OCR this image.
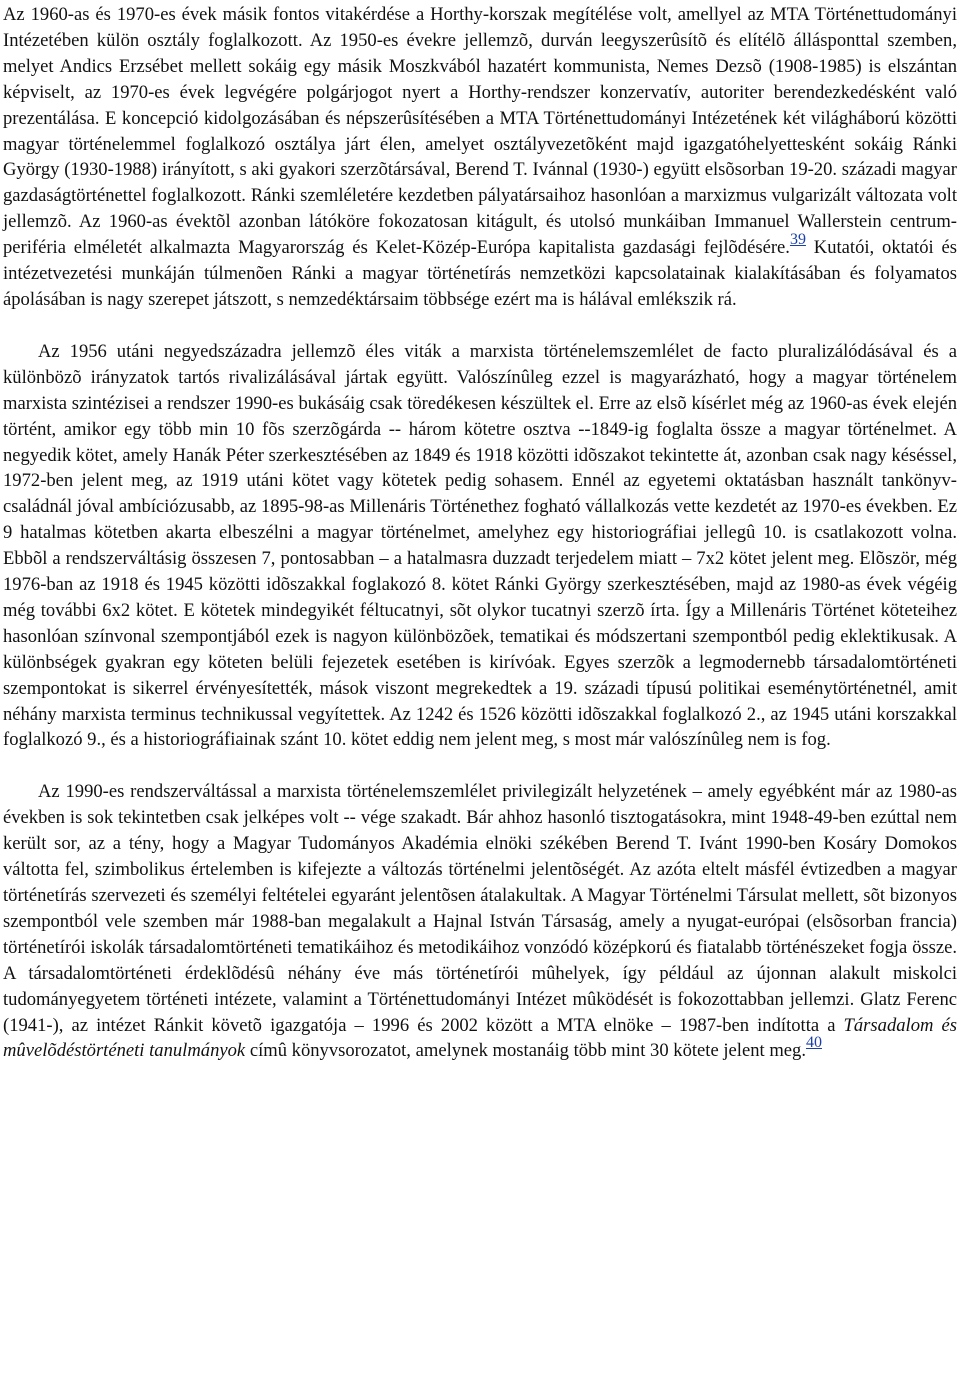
Az 1960-as és 1970-es évek másik fontos vitakérdése a Horthy-korszak megítélése volt, amellyel az MTA Történettudományi Intézetében külön osztály foglalkozott. Az 1950-es évekre jellemzõ, durván leegyszerûsítõ és elítélõ állásponttal szemben, melyet Andics Erzsébet mellett sokáig egy másik Moszkvából hazatért kommunista, Nemes Dezsõ (1908-1985) is elszántan képviselt, az 1970-es évek legvégére polgárjogot nyert a Horthy-rendszer konzervatív, autoriter berendezkedésként való prezentálása. E koncepció kidolgozásában és népszerûsítésében a MTA Történettudományi Intézetének két világháború közötti magyar történelemmel foglalkozó osztálya járt élen, amelyet osztályvezetõként majd igazgatóhelyettesként sokáig Ránki György (1930-1988) irányított, s aki gyakori szerzõtársával, Berend T. Ivánnal (1930-) együtt elsõsorban 19-20. századi magyar gazdaságtörténettel foglalkozott. Ránki szemléletére kezdetben pályatársaihoz hasonlóan a marxizmus vulgarizált változata volt jellemzõ. Az 1960-as évektõl azonban látóköre fokozatosan kitágult, és utolsó munkáiban Immanuel Wallerstein centrum-periféria elméletét alkalmazta Magyarország és Kelet-Közép-Európa kapitalista gazdasági fejlõdésére.$^{39}$ Kutatói, oktatói és intézetvezetési munkáján túlmenõen Ránki a magyar történetírás nemzetközi kapcsolatainak kialakításában és folyamatos ápolásában is nagy szerepet játszott, s nemzedéktársaim többsége ezért ma is hálával emlékszik rá.

Az 1956 utáni negyedszázadra jellemzõ éles viták a marxista történelemszemlélet de facto pluralizálódásával és a különbözõ irányzatok tartós rivalizálásával jártak együtt. Valószínûleg ezzel is magyarázható, hogy a magyar történelem marxista szintézisei a rendszer 1990-es bukásáig csak töredékesen készültek el. Erre az elsõ kísérlet még az 1960-as évek elején történt, amikor egy több min 10 fõs szerzõgárda -- három kötetre osztva --1849-ig foglalta össze a magyar történelmet. A negyedik kötet, amely Hanák Péter szerkesztésében az 1849 és 1918 közötti idõszakot tekintette át, azonban csak nagy késéssel, 1972-ben jelent meg, az 1919 utáni kötet vagy kötetek pedig sohasem. Ennél az egyetemi oktatásban használt tankönyv-családnál jóval ambíciózusabb, az 1895-98-as Millenáris Történethez fogható vállalkozás vette kezdetét az 1970-es években. Ez 9 hatalmas kötetben akarta elbeszélni a magyar történelmet, amelyhez egy historiográfiai jellegû 10. is csatlakozott volna. Ebbõl a rendszerváltásig összesen 7, pontosabban – a hatalmasra duzzadt terjedelem miatt – 7x2 kötet jelent meg. Elõször, még 1976-ban az 1918 és 1945 közötti idõszakkal foglakozó 8. kötet Ránki György szerkesztésében, majd az 1980-as évek végéig még további 6x2 kötet. E kötetek mindegyikét féltucatnyi, sõt olykor tucatnyi szerzõ írta. Így a Millenáris Történet köteteihez hasonlóan színvonal szempontjából ezek is nagyon különbözõek, tematikai és módszertani szempontból pedig eklektikusak. A különbségek gyakran egy köteten belüli fejezetek esetében is kirívóak. Egyes szerzõk a legmodernebb társadalomtörténeti szempontokat is sikerrel érvényesítették, mások viszont megrekedtek a 19. századi típusú politikai eseménytörténetnél, amit néhány marxista terminus technikussal vegyítettek. Az 1242 és 1526 közötti idõszakkal foglalkozó 2., az 1945 utáni korszakkal foglalkozó 9., és a historiográfiainak szánt 10. kötet eddig nem jelent meg, s most már valószínûleg nem is fog.

Az 1990-es rendszerváltással a marxista történelemszemlélet privilegizált helyzetének – amely egyébként már az 1980-as években is sok tekintetben csak jelképes volt -- vége szakadt. Bár ahhoz hasonló tisztogatásokra, mint 1948-49-ben ezúttal nem került sor, az a tény, hogy a Magyar Tudományos Akadémia elnöki székében Berend T. Ivánt 1990-ben Kosáry Domokos váltotta fel, szimbolikus értelemben is kifejezte a változás történelmi jelentõségét. Az azóta eltelt másfél évtizedben a magyar történetírás szervezeti és személyi feltételei egyaránt jelentõsen átalakultak. A Magyar Történelmi Társulat mellett, sõt bizonyos szempontból vele szemben már 1988-ban megalakult a Hajnal István Társaság, amely a nyugat-európai (elsõsorban francia) történetírói iskolák társadalomtörténeti tematikáihoz és metodikáihoz vonzódó középkorú és fiatalabb történészeket fogja össze. A társadalomtörténeti érdeklõdésû néhány éve más történetírói mûhelyek, így például az újonnan alakult miskolci tudományegyetem történeti intézete, valamint a Történettudományi Intézet mûködését is fokozottabban jellemzi. Glatz Ferenc (1941-), az intézet Ránkit követõ igazgatója – 1996 és 2002 között a MTA elnöke – 1987-ben indította a Társadalom és mûvelõdéstörténeti tanulmányok címû könyvsorozatot, amelynek mostanáig több mint 30 kötete jelent meg.$^{40}$
